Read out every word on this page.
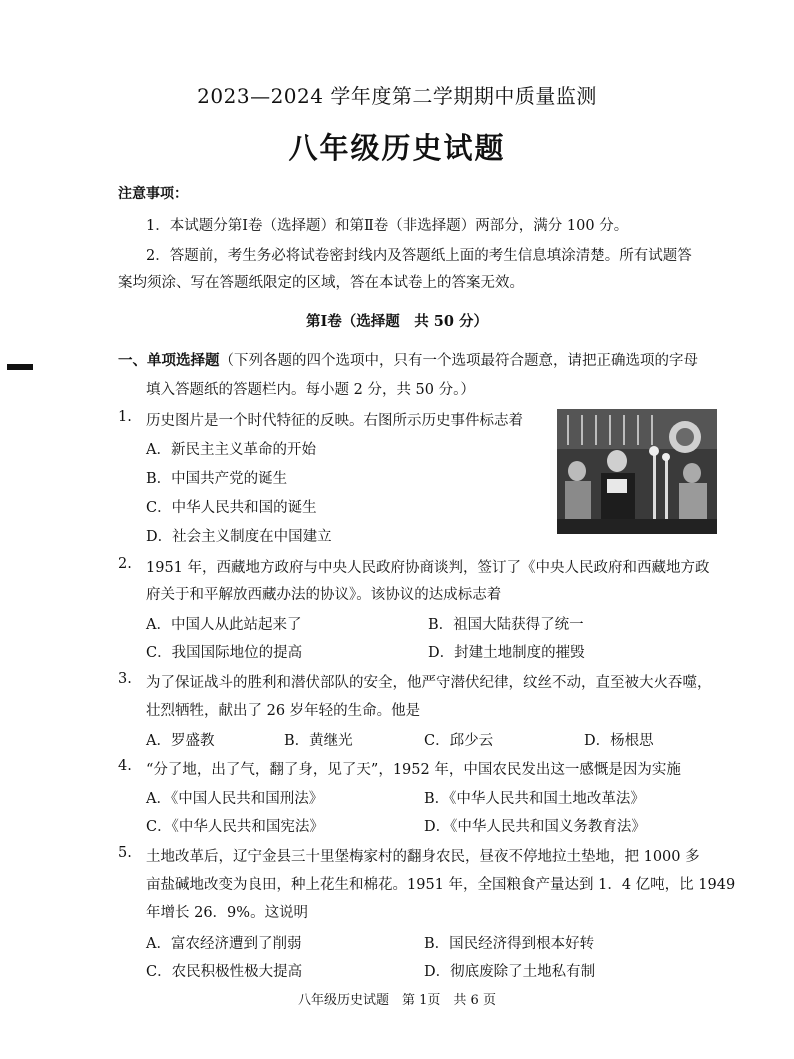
2023—2024 学年度第二学期期中质量监测
八年级历史试题
注意事项：
1．本试题分第Ⅰ卷（选择题）和第Ⅱ卷（非选择题）两部分，满分 100 分。
2．答题前，考生务必将试卷密封线内及答题纸上面的考生信息填涂清楚。所有试题答
案均须涂、写在答题纸限定的区域，答在本试卷上的答案无效。
第Ⅰ卷（选择题　共 50 分）
一、单项选择题（下列各题的四个选项中，只有一个选项最符合题意，请把正确选项的字母
填入答题纸的答题栏内。每小题 2 分，共 50 分。）
1. 历史图片是一个时代特征的反映。右图所示历史事件标志着
A．新民主主义革命的开始
B．中国共产党的诞生
C．中华人民共和国的诞生
D．社会主义制度在中国建立
2. 1951 年，西藏地方政府与中央人民政府协商谈判，签订了《中央人民政府和西藏地方政
府关于和平解放西藏办法的协议》。该协议的达成标志着
A．中国人从此站起来了	B．祖国大陆获得了统一
C．我国国际地位的提高	D．封建土地制度的摧毁
3. 为了保证战斗的胜利和潜伏部队的安全，他严守潜伏纪律，纹丝不动，直至被大火吞噬，
壮烈牺牲，献出了 26 岁年轻的生命。他是
A．罗盛教	B．黄继光	C．邱少云	D．杨根思
4. “分了地，出了气，翻了身，见了天”，1952 年，中国农民发出这一感慨是因为实施
A．《中国人民共和国刑法》	B．《中华人民共和国土地改革法》
C．《中华人民共和国宪法》	D．《中华人民共和国义务教育法》
5. 土地改革后，辽宁金县三十里堡梅家村的翻身农民，昼夜不停地拉土垫地，把 1000 多
亩盐碱地改变为良田，种上花生和棉花。1951 年，全国粮食产量达到 1．4 亿吨，比 1949
年增长 26．9%。这说明
A．富农经济遭到了削弱	B．国民经济得到根本好转
C．农民积极性极大提高	D．彻底废除了土地私有制
八年级历史试题　第 1页　共 6 页
